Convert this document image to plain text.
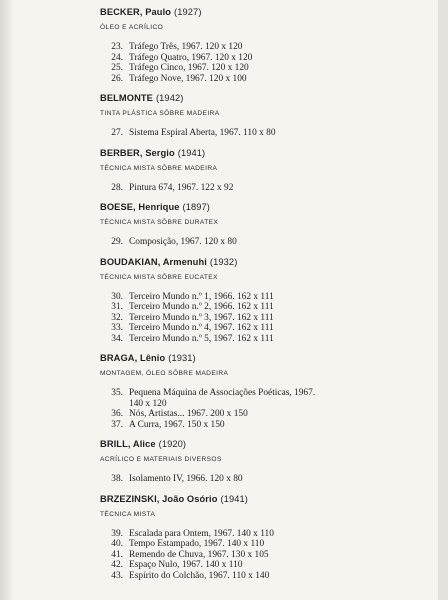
BECKER, Paulo (1927)
ÓLEO E ACRÍLICO
23. Tráfego Três, 1967. 120 x 120
24. Tráfego Quatro, 1967. 120 x 120
25. Tráfego Cinco, 1967. 120 x 120
26. Tráfego Nove, 1967. 120 x 100
BELMONTE (1942)
TINTA PLÁSTICA SÔBRE MADEIRA
27. Sistema Espiral Aberta, 1967. 110 x 80
BERBER, Sergio (1941)
TÉCNICA MISTA SÔBRE MADEIRA
28. Pintura 674, 1967. 122 x 92
BOESE, Henrique (1897)
TÉCNICA MISTA SÔBRE DURATEX
29. Composição, 1967. 120 x 80
BOUDAKIAN, Armenuhi (1932)
TÉCNICA MISTA SÔBRE EUCATEX
30. Terceiro Mundo n.º 1, 1966. 162 x 111
31. Terceiro Mundo n.º 2, 1966. 162 x 111
32. Terceiro Mundo n.º 3, 1967. 162 x 111
33. Terceiro Mundo n.º 4, 1967. 162 x 111
34. Terceiro Mundo n.º 5, 1967. 162 x 111
BRAGA, Lênio (1931)
MONTAGEM, ÓLEO SÔBRE MADEIRA
35. Pequena Máquina de Associações Poéticas, 1967.
140 x 120
36. Nós, Artistas... 1967. 200 x 150
37. A Curra, 1967. 150 x 150
BRILL, Alice (1920)
ACRÍLICO E MATERIAIS DIVERSOS
38. Isolamento IV, 1966. 120 x 80
BRZEZINSKI, João Osório (1941)
TÉCNICA MISTA
39. Escalada para Ontem, 1967. 140 x 110
40. Tempo Estampado, 1967. 140 x 110
41. Remendo de Chuva, 1967. 130 x 105
42. Espaço Nulo, 1967. 140 x 110
43. Espírito do Colchão, 1967. 110 x 140
